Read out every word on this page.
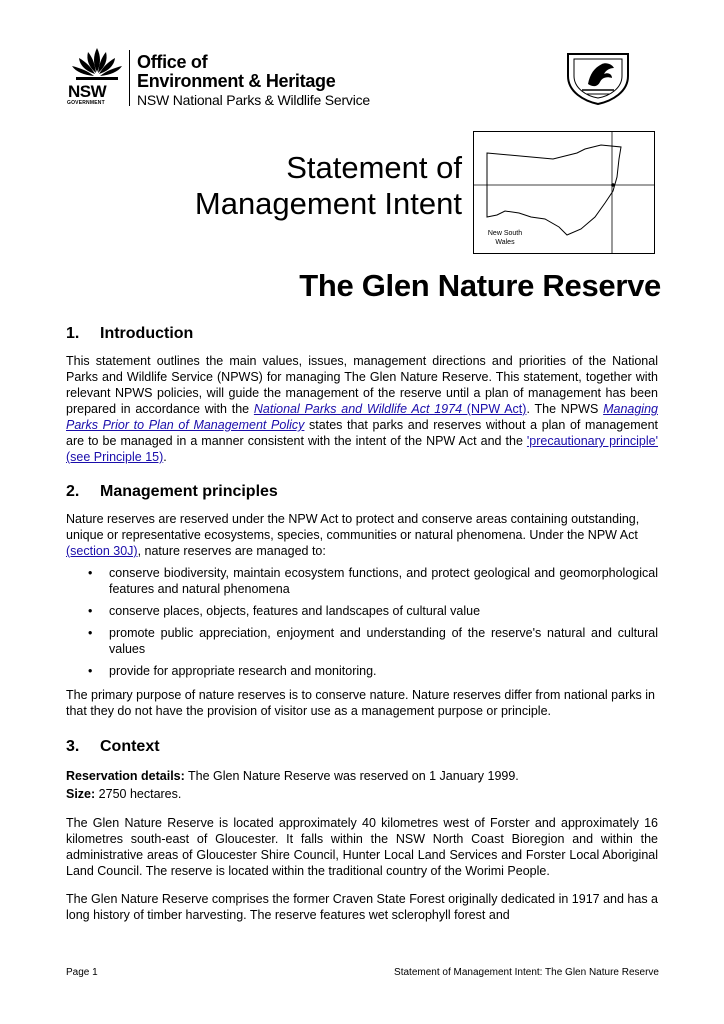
NSW
GOVERNMENT
Office of
Environment & Heritage
NSW National Parks & Wildlife Service
Statement of
Management Intent
New South
Wales
The Glen Nature Reserve
1. Introduction
This statement outlines the main values, issues, management directions and priorities of the National Parks and Wildlife Service (NPWS) for managing The Glen Nature Reserve. This statement, together with relevant NPWS policies, will guide the management of the reserve until a plan of management has been prepared in accordance with the National Parks and Wildlife Act 1974 (NPW Act). The NPWS Managing Parks Prior to Plan of Management Policy states that parks and reserves without a plan of management are to be managed in a manner consistent with the intent of the NPW Act and the 'precautionary principle' (see Principle 15).
2. Management principles
Nature reserves are reserved under the NPW Act to protect and conserve areas containing outstanding, unique or representative ecosystems, species, communities or natural phenomena. Under the NPW Act (section 30J), nature reserves are managed to:
• conserve biodiversity, maintain ecosystem functions, and protect geological and geomorphological features and natural phenomena
• conserve places, objects, features and landscapes of cultural value
• promote public appreciation, enjoyment and understanding of the reserve's natural and cultural values
• provide for appropriate research and monitoring.
The primary purpose of nature reserves is to conserve nature. Nature reserves differ from national parks in that they do not have the provision of visitor use as a management purpose or principle.
3. Context
Reservation details: The Glen Nature Reserve was reserved on 1 January 1999.
Size: 2750 hectares.
The Glen Nature Reserve is located approximately 40 kilometres west of Forster and approximately 16 kilometres south-east of Gloucester. It falls within the NSW North Coast Bioregion and within the administrative areas of Gloucester Shire Council, Hunter Local Land Services and Forster Local Aboriginal Land Council. The reserve is located within the traditional country of the Worimi People.
The Glen Nature Reserve comprises the former Craven State Forest originally dedicated in 1917 and has a long history of timber harvesting. The reserve features wet sclerophyll forest and
Page 1	Statement of Management Intent: The Glen Nature Reserve
